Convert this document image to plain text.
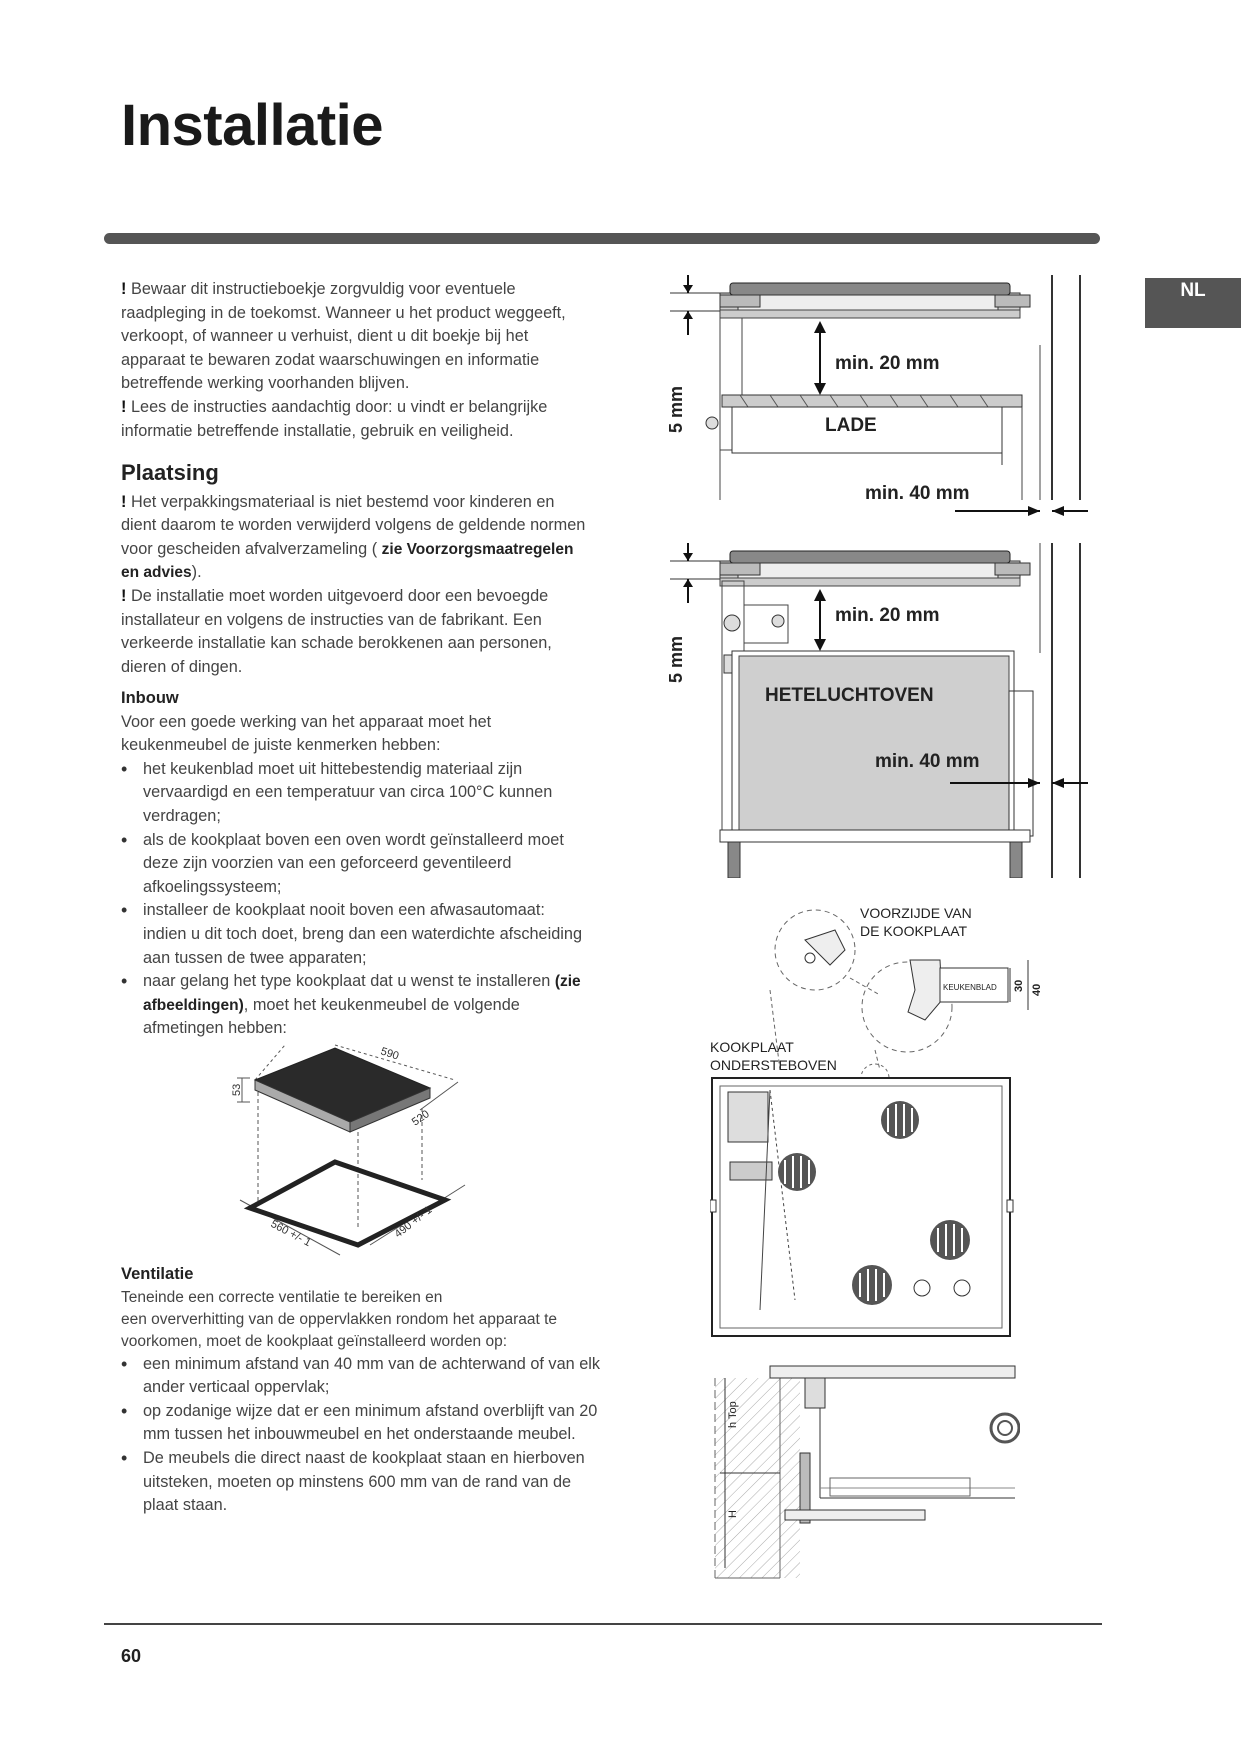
Installatie
NL

! Bewaar dit instructieboekje zorgvuldig voor eventuele raadpleging in de toekomst. Wanneer u het product weggeeft, verkoopt, of wanneer u verhuist, dient u dit boekje bij het apparaat te bewaren zodat waarschuwingen en informatie betreffende werking voorhanden blijven.

! Lees de instructies aandachtig door: u vindt er belangrijke informatie betreffende installatie, gebruik en veiligheid.

Plaatsing

! Het verpakkingsmateriaal is niet bestemd voor kinderen en dient daarom te worden verwijderd volgens de geldende normen voor gescheiden afvalverzameling ( zie Voorzorgsmaatregelen en advies).

! De installatie moet worden uitgevoerd door een bevoegde installateur en volgens de instructies van de fabrikant. Een verkeerde installatie kan schade berokkenen aan personen, dieren of dingen.

Inbouw

Voor een goede werking van het apparaat moet het keukenmeubel de juiste kenmerken hebben:

• het keukenblad moet uit hittebestendig materiaal zijn vervaardigd en een temperatuur van circa 100°C kunnen verdragen;
• als de kookplaat boven een oven wordt geïnstalleerd moet deze zijn voorzien van een geforceerd geventileerd afkoelingssysteem;
• installeer de kookplaat nooit boven een afwasautomaat: indien u dit toch doet, breng dan een waterdichte afscheiding aan tussen de twee apparaten;
• naar gelang het type kookplaat dat u wenst te installeren (zie afbeeldingen), moet het keukenmeubel de volgende afmetingen hebben:
590
53
520
560 +/- 1	490 +/- 1
Ventilatie

Teneinde een correcte ventilatie te bereiken en

een oververhitting van de oppervlakken rondom het apparaat te voorkomen, moet de kookplaat geïnstalleerd worden op:

• een minimum afstand van 40 mm van de achterwand of van elk ander verticaal oppervlak;
• op zodanige wijze dat er een minimum afstand overblijft van 20 mm tussen het inbouwmeubel en het onderstaande meubel.
• De meubels die direct naast de kookplaat staan en hierboven uitsteken, moeten op minstens 600 mm van de rand van de plaat staan.
5 mm
min. 20 mm
LADE
min. 40 mm
5 mm
min. 20 mm
HETELUCHTOVEN
min. 40 mm
VOORZIJDE VAN
DE KOOKPLAAT
KEUKENBLAD 30 40
KOOKPLAAT
ONDERSTEBOVEN
h Top
H
60
